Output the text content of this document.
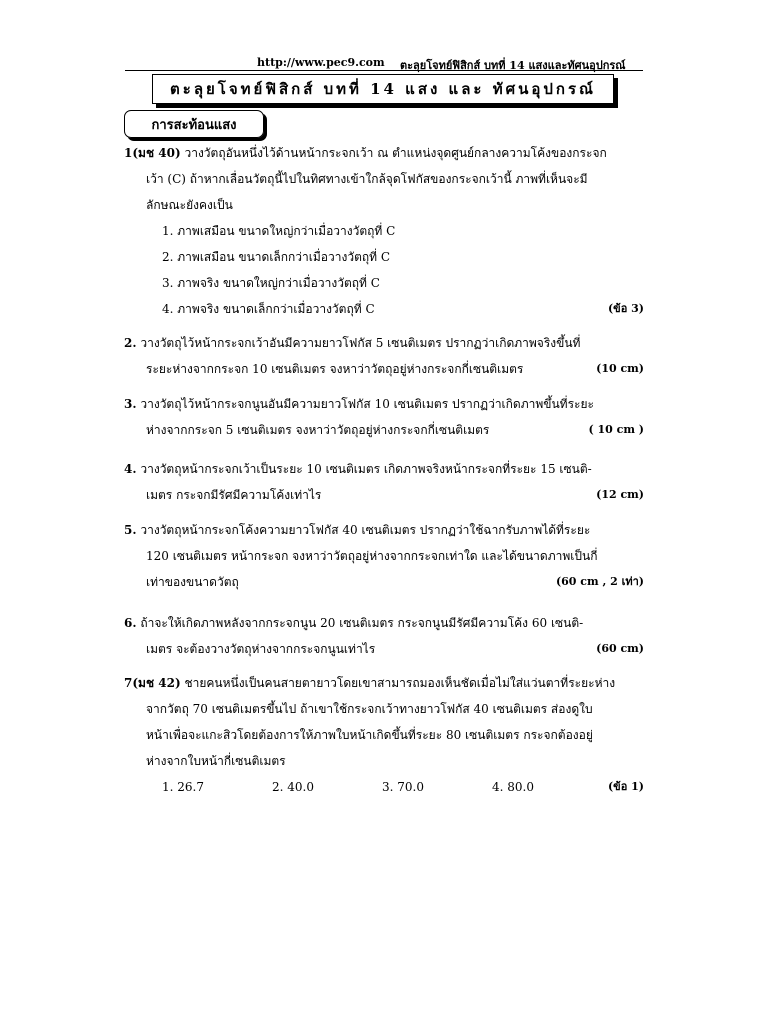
http://www.pec9.com ตะลุยโจทย์ฟิสิกส์ บทที่ 14 แสงและทัศนอุปกรณ์
ตะลุยโจทย์ฟิสิกส์ บทที่ 14 แสง และ ทัศนอุปกรณ์
การสะท้อนแสง
1(มช 40) วางวัตถุอันหนึ่งไว้ด้านหน้ากระจกเว้า ณ ตำแหน่งจุดศูนย์กลางความโค้งของกระจก
เว้า (C) ถ้าหากเลื่อนวัตถุนี้ไปในทิศทางเข้าใกล้จุดโฟกัสของกระจกเว้านี้ ภาพที่เห็นจะมี
ลักษณะยังคงเป็น
1. ภาพเสมือน ขนาดใหญ่กว่าเมื่อวางวัตถุที่ C
2. ภาพเสมือน ขนาดเล็กกว่าเมื่อวางวัตถุที่ C
3. ภาพจริง ขนาดใหญ่กว่าเมื่อวางวัตถุที่ C
4. ภาพจริง ขนาดเล็กกว่าเมื่อวางวัตถุที่ C	(ข้อ 3)
2. วางวัตถุไว้หน้ากระจกเว้าอันมีความยาวโฟกัส 5 เซนติเมตร ปรากฏว่าเกิดภาพจริงขึ้นที่
ระยะห่างจากกระจก 10 เซนติเมตร จงหาว่าวัตถุอยู่ห่างกระจกกี่เซนติเมตร	(10 cm)
3. วางวัตถุไว้หน้ากระจกนูนอันมีความยาวโฟกัส 10 เซนติเมตร ปรากฏว่าเกิดภาพขึ้นที่ระยะ
ห่างจากกระจก 5 เซนติเมตร จงหาว่าวัตถุอยู่ห่างกระจกกี่เซนติเมตร	( 10 cm )
4. วางวัตถุหน้ากระจกเว้าเป็นระยะ 10 เซนติเมตร เกิดภาพจริงหน้ากระจกที่ระยะ 15 เซนติ-
เมตร กระจกมีรัศมีความโค้งเท่าไร	(12 cm)
5. วางวัตถุหน้ากระจกโค้งความยาวโฟกัส 40 เซนติเมตร ปรากฏว่าใช้ฉากรับภาพได้ที่ระยะ
120 เซนติเมตร หน้ากระจก จงหาว่าวัตถุอยู่ห่างจากกระจกเท่าใด และได้ขนาดภาพเป็นกี่
เท่าของขนาดวัตถุ	(60 cm , 2 เท่า)
6. ถ้าจะให้เกิดภาพหลังจากกระจกนูน 20 เซนติเมตร กระจกนูนมีรัศมีความโค้ง 60 เซนติ-
เมตร จะต้องวางวัตถุห่างจากกระจกนูนเท่าไร	(60 cm)
7(มช 42) ชายคนหนึ่งเป็นคนสายตายาวโดยเขาสามารถมองเห็นชัดเมื่อไม่ใส่แว่นตาที่ระยะห่าง
จากวัตถุ 70 เซนติเมตรขึ้นไป ถ้าเขาใช้กระจกเว้าทางยาวโฟกัส 40 เซนติเมตร ส่องดูใบ
หน้าเพื่อจะแกะสิวโดยต้องการให้ภาพใบหน้าเกิดขึ้นที่ระยะ 80 เซนติเมตร กระจกต้องอยู่
ห่างจากใบหน้ากี่เซนติเมตร
1. 26.7	2. 40.0	3. 70.0	4. 80.0	(ข้อ 1)
